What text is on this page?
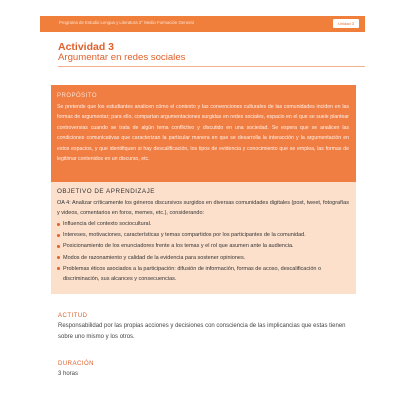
Programa de Estudio Lengua y Literatura 3° Medio Formación General	Unidad 3
Actividad 3
Argumentar en redes sociales
PROPÓSITO
Se pretende que los estudiantes analicen cómo el contexto y las convenciones culturales de las comunidades inciden en las formas de argumentar; para ello, compartan argumentaciones surgidas en redes sociales, espacio en el que se suele plantear controversias cuando se trata de algún tema conflictivo y discutido en una sociedad. Se espera que se analicen las condiciones comunicativas que caracterizan la particular manera en que se desarrolla la interacción y la argumentación en estos espacios, y que identifiquen si hay descalificación, los tipos de evidencia y conocimiento que se emplea, las formas de legitimar contenidos en un discurso, etc.
OBJETIVO DE APRENDIZAJE
OA 4: Analizar críticamente los géneros discursivos surgidos en diversas comunidades digitales (post, tweet, fotografías y videos, comentarios en foros, memes, etc.), considerando:
Influencia del contexto sociocultural.
Intereses, motivaciones, características y temas compartidos por los participantes de la comunidad.
Posicionamiento de los enunciadores frente a los temas y el rol que asumen ante la audiencia.
Modos de razonamiento y calidad de la evidencia para sostener opiniones.
Problemas éticos asociados a la participación: difusión de información, formas de acoso, descalificación o discriminación, sus alcances y consecuencias.
ACTITUD
Responsabilidad por las propias acciones y decisiones con consciencia de las implicancias que estas tienen sobre uno mismo y los otros.
DURACIÓN
3 horas
